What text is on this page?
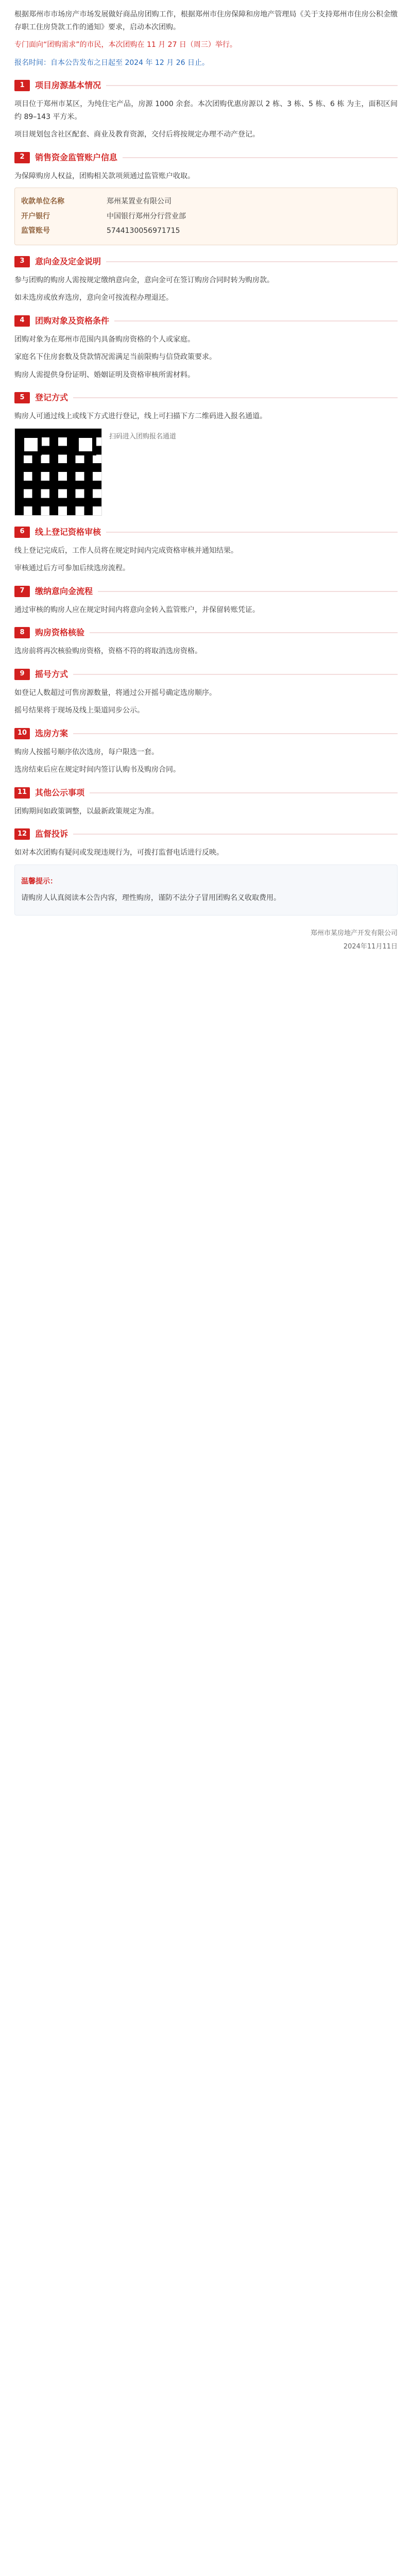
根据郑州市市场房产市场发展做好商品房团购工作，根据郑州市住房保障和房地产管理局《关于支持郑州市住房公积金缴存职工住房贷款工作的通知》要求，启动本次团购。

专门面向“团购需求”的市民，本次团购在 11 月 27 日（周三）举行。

报名时间：自本公告发布之日起至 2024 年 12 月 26 日止。

1	项目房源基本情况

项目位于郑州市某区，为纯住宅产品，房源 1000 余套。本次团购优惠房源以 2 栋、3 栋、5 栋、6 栋 为主，面积区间约 89–143 平方米。

项目规划包含社区配套、商业及教育资源，交付后将按规定办理不动产登记。

2	销售资金监管账户信息

为保障购房人权益，团购相关款项须通过监管账户收取。

收款单位名称	郑州某置业有限公司
开户银行	中国银行郑州分行营业部
监管账号	5744130056971715
3	意向金及定金说明

参与团购的购房人需按规定缴纳意向金，意向金可在签订购房合同时转为购房款。

如未选房或放弃选房，意向金可按流程办理退还。

4	团购对象及资格条件

团购对象为在郑州市范围内具备购房资格的个人或家庭。

家庭名下住房套数及贷款情况需满足当前限购与信贷政策要求。

购房人需提供身份证明、婚姻证明及资格审核所需材料。

5	登记方式

购房人可通过线上或线下方式进行登记，线上可扫描下方二维码进入报名通道。

扫码进入团购报名通道
6	线上登记资格审核

线上登记完成后，工作人员将在规定时间内完成资格审核并通知结果。

审核通过后方可参加后续选房流程。

7	缴纳意向金流程

通过审核的购房人应在规定时间内将意向金转入监管账户，并保留转账凭证。

8	购房资格核验

选房前将再次核验购房资格，资格不符的将取消选房资格。

9	摇号方式

如登记人数超过可售房源数量，将通过公开摇号确定选房顺序。

摇号结果将于现场及线上渠道同步公示。

10 选房方案

购房人按摇号顺序依次选房，每户限选一套。

选房结束后应在规定时间内签订认购书及购房合同。

11 其他公示事项

团购期间如政策调整，以最新政策规定为准。

12 监督投诉

如对本次团购有疑问或发现违规行为，可拨打监督电话进行反映。

温馨提示：

请购房人认真阅读本公告内容，理性购房，谨防不法分子冒用团购名义收取费用。

郑州市某房地产开发有限公司
2024年11月11日
